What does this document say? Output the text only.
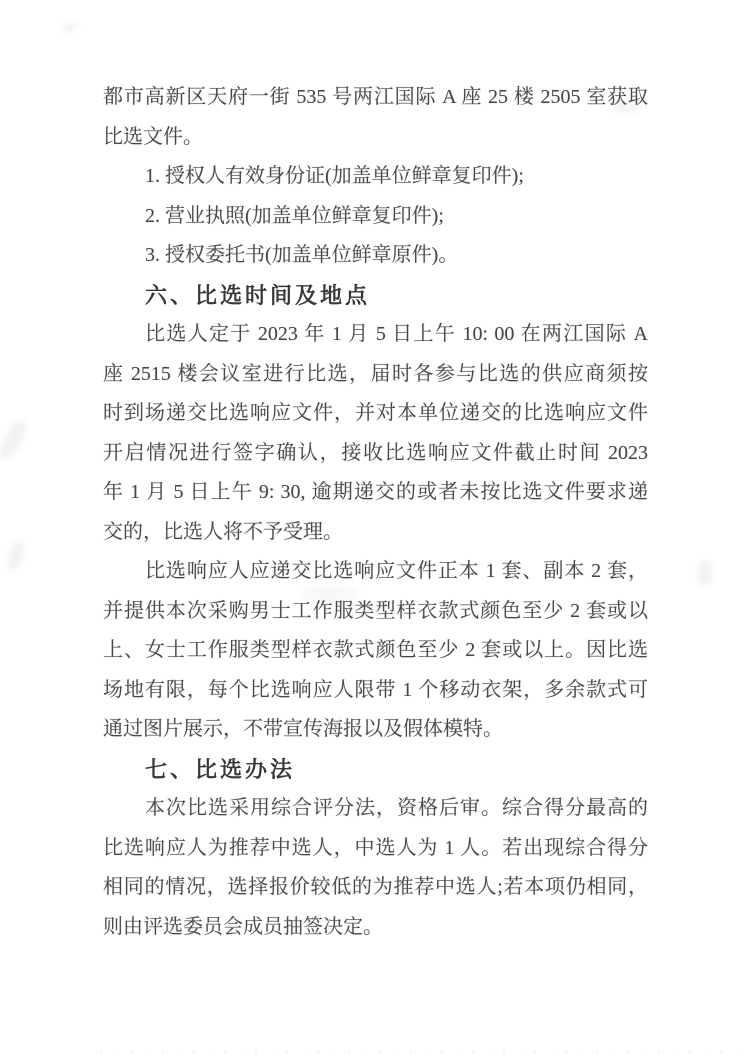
都市高新区天府一街 535 号两江国际 A 座 25 楼 2505 室获取
比选文件。
1. 授权人有效身份证(加盖单位鲜章复印件);
2. 营业执照(加盖单位鲜章复印件);
3. 授权委托书(加盖单位鲜章原件)。
六、比选时间及地点
比选人定于 2023 年 1 月 5 日上午 10: 00 在两江国际 A
座 2515 楼会议室进行比选，届时各参与比选的供应商须按
时到场递交比选响应文件，并对本单位递交的比选响应文件
开启情况进行签字确认，接收比选响应文件截止时间 2023
年 1 月 5 日上午 9: 30, 逾期递交的或者未按比选文件要求递
交的，比选人将不予受理。
比选响应人应递交比选响应文件正本 1 套、副本 2 套，
并提供本次采购男士工作服类型样衣款式颜色至少 2 套或以
上、女士工作服类型样衣款式颜色至少 2 套或以上。因比选
场地有限，每个比选响应人限带 1 个移动衣架，多余款式可
通过图片展示，不带宣传海报以及假体模特。
七、比选办法
本次比选采用综合评分法，资格后审。综合得分最高的
比选响应人为推荐中选人，中选人为 1 人。若出现综合得分
相同的情况，选择报价较低的为推荐中选人;若本项仍相同，
则由评选委员会成员抽签决定。
